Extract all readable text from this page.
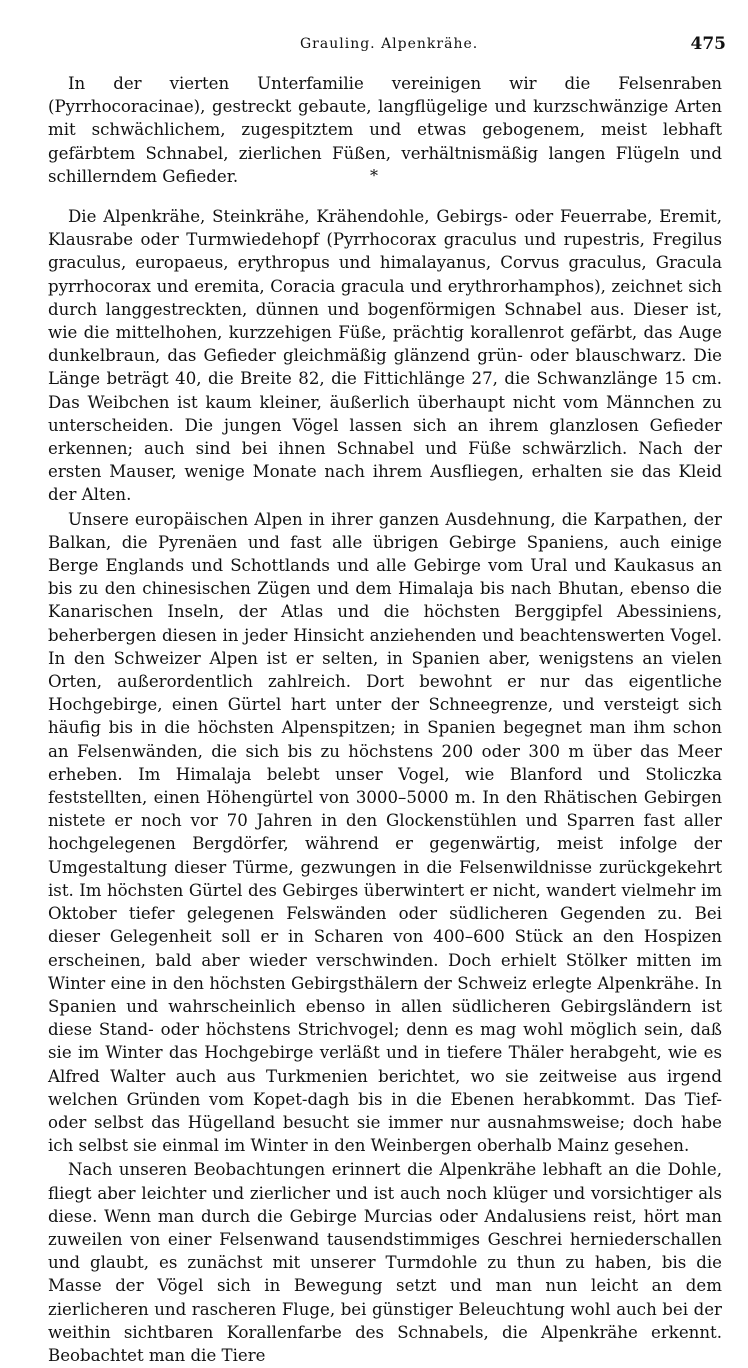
Grauling. Alpenkrähe.	475

In der vierten Unterfamilie vereinigen wir die Felsenraben (Pyrrhocoracinae), gestreckt gebaute, langflügelige und kurzschwänzige Arten mit schwächlichem, zugespitztem und etwas gebogenem, meist lebhaft gefärbtem Schnabel, zierlichen Füßen, verhältnismäßig langen Flügeln und schillerndem Gefieder.	*

Die Alpenkrähe, Steinkrähe, Krähendohle, Gebirgs- oder Feuerrabe, Eremit, Klausrabe oder Turmwiedehopf (Pyrrhocorax graculus und rupestris, Fregilus graculus, europaeus, erythropus und himalayanus, Corvus graculus, Gracula pyrrhocorax und eremita, Coracia gracula und erythrorhamphos), zeichnet sich durch langgestreckten, dünnen und bogenförmigen Schnabel aus. Dieser ist, wie die mittelhohen, kurzzehigen Füße, prächtig korallenrot gefärbt, das Auge dunkelbraun, das Gefieder gleichmäßig glänzend grün- oder blauschwarz. Die Länge beträgt 40, die Breite 82, die Fittichlänge 27, die Schwanzlänge 15 cm. Das Weibchen ist kaum kleiner, äußerlich überhaupt nicht vom Männchen zu unterscheiden. Die jungen Vögel lassen sich an ihrem glanzlosen Gefieder erkennen; auch sind bei ihnen Schnabel und Füße schwärzlich. Nach der ersten Mauser, wenige Monate nach ihrem Ausfliegen, erhalten sie das Kleid der Alten.

Unsere europäischen Alpen in ihrer ganzen Ausdehnung, die Karpathen, der Balkan, die Pyrenäen und fast alle übrigen Gebirge Spaniens, auch einige Berge Englands und Schottlands und alle Gebirge vom Ural und Kaukasus an bis zu den chinesischen Zügen und dem Himalaja bis nach Bhutan, ebenso die Kanarischen Inseln, der Atlas und die höchsten Berggipfel Abessiniens, beherbergen diesen in jeder Hinsicht anziehenden und beachtenswerten Vogel. In den Schweizer Alpen ist er selten, in Spanien aber, wenigstens an vielen Orten, außerordentlich zahlreich. Dort bewohnt er nur das eigentliche Hochgebirge, einen Gürtel hart unter der Schneegrenze, und versteigt sich häufig bis in die höchsten Alpenspitzen; in Spanien begegnet man ihm schon an Felsenwänden, die sich bis zu höchstens 200 oder 300 m über das Meer erheben. Im Himalaja belebt unser Vogel, wie Blanford und Stoliczka feststellten, einen Höhengürtel von 3000–5000 m. In den Rhätischen Gebirgen nistete er noch vor 70 Jahren in den Glockenstühlen und Sparren fast aller hochgelegenen Bergdörfer, während er gegenwärtig, meist infolge der Umgestaltung dieser Türme, gezwungen in die Felsenwildnisse zurückgekehrt ist. Im höchsten Gürtel des Gebirges überwintert er nicht, wandert vielmehr im Oktober tiefer gelegenen Felswänden oder südlicheren Gegenden zu. Bei dieser Gelegenheit soll er in Scharen von 400–600 Stück an den Hospizen erscheinen, bald aber wieder verschwinden. Doch erhielt Stölker mitten im Winter eine in den höchsten Gebirgsthälern der Schweiz erlegte Alpenkrähe. In Spanien und wahrscheinlich ebenso in allen südlicheren Gebirgsländern ist diese Stand- oder höchstens Strichvogel; denn es mag wohl möglich sein, daß sie im Winter das Hochgebirge verläßt und in tiefere Thäler herabgeht, wie es Alfred Walter auch aus Turkmenien berichtet, wo sie zeitweise aus irgend welchen Gründen vom Kopet-dagh bis in die Ebenen herabkommt. Das Tief- oder selbst das Hügelland besucht sie immer nur ausnahmsweise; doch habe ich selbst sie einmal im Winter in den Weinbergen oberhalb Mainz gesehen.

Nach unseren Beobachtungen erinnert die Alpenkrähe lebhaft an die Dohle, fliegt aber leichter und zierlicher und ist auch noch klüger und vorsichtiger als diese. Wenn man durch die Gebirge Murcias oder Andalusiens reist, hört man zuweilen von einer Felsenwand tausendstimmiges Geschrei herniederschallen und glaubt, es zunächst mit unserer Turmdohle zu thun zu haben, bis die Masse der Vögel sich in Bewegung setzt und man nun leicht an dem zierlicheren und rascheren Fluge, bei günstiger Beleuchtung wohl auch bei der weithin sichtbaren Korallenfarbe des Schnabels, die Alpenkrähe erkennt. Beobachtet man die Tiere
